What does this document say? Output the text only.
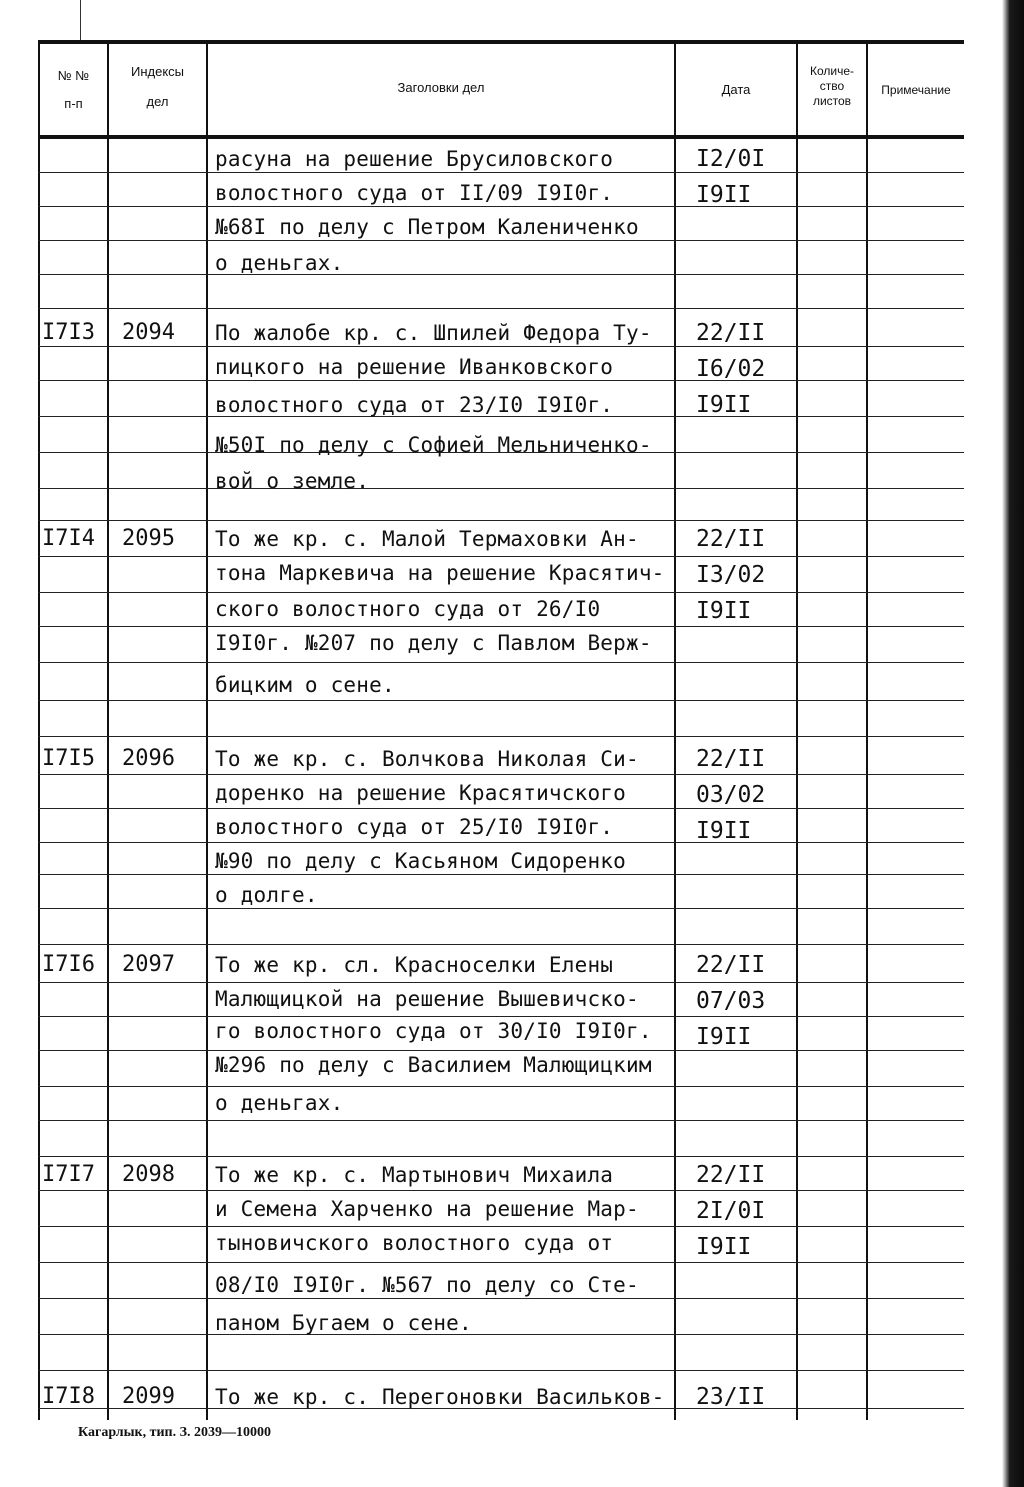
№ №
п-п
Индексы
дел
Заголовки дел	Дата
Количе-
ство
листов
Примечание
расуна на решение Брусиловского
волостного суда от II/09 I9I0г.
№68I по делу с Петром Калениченко
о деньгах.
I2/0I
I9II
I7I3 2094 По жалобе кр. с. Шпилей Федора Ту-
пицкого на решение Иванковского
волостного суда от 23/I0 I9I0г.
№50I по делу с Софией Мельниченко-
вой о земле.
22/II
I6/02
I9II
I7I4 2095 То же кр. с. Малой Термаховки Ан-
тона Маркевича на решение Красятич-
ского волостного суда от 26/I0
I9I0г. №207 по делу с Павлом Верж-
бицким о сене.
22/II
I3/02
I9II
I7I5 2096 То же кр. с. Волчкова Николая Си-
доренко на решение Красятичского
волостного суда от 25/I0 I9I0г.
№90 по делу с Касьяном Сидоренко
о долге.
22/II
03/02
I9II
I7I6 2097 То же кр. сл. Красноселки Елены
Малющицкой на решение Вышевичско-
го волостного суда от 30/I0 I9I0г.
№296 по делу с Василием Малющицким
о деньгах.
22/II
07/03
I9II
I7I7 2098 То же кр. с. Мартынович Михаила
и Семена Харченко на решение Мар-
тыновичского волостного суда от
08/I0 I9I0г. №567 по делу со Сте-
паном Бугаем о сене.
22/II
2I/0I
I9II
I7I8 2099 То же кр. с. Перегоновки Васильков- 23/II
Кагарлык, тип. З. 2039—10000
